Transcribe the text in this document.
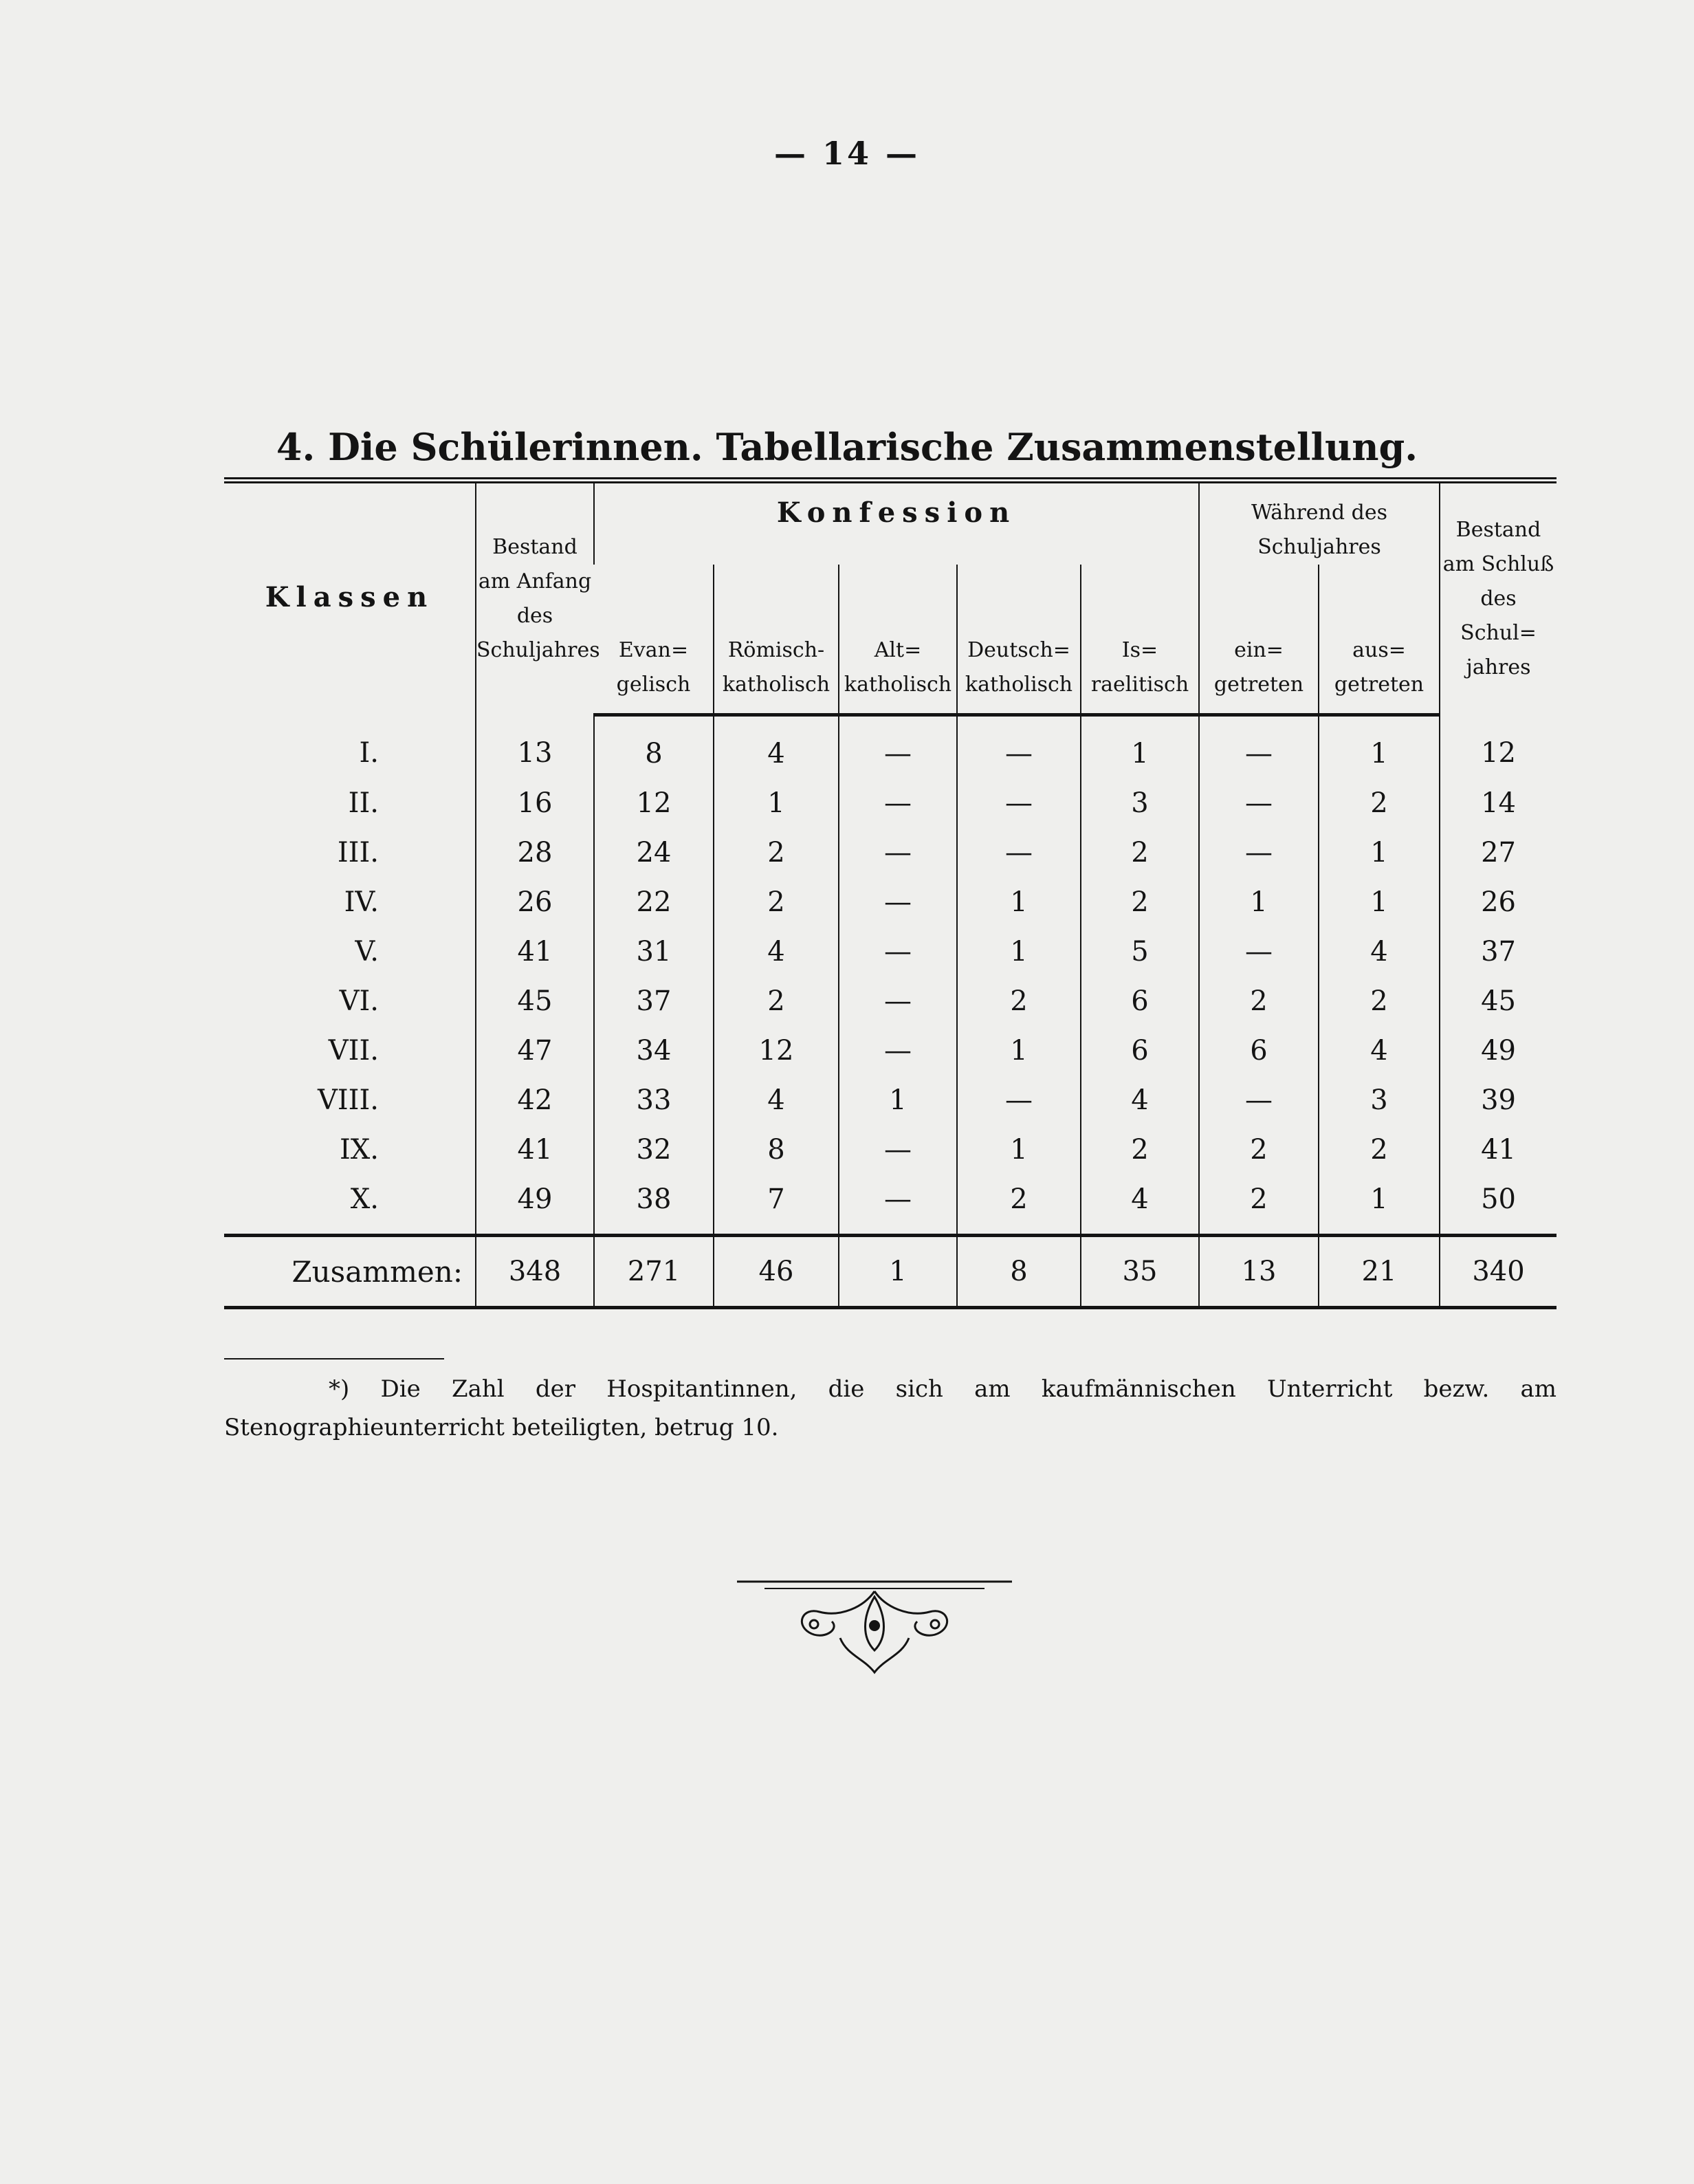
— 14 —
4. Die Schülerinnen. Tabellarische Zusammenstellung.
Klassen	Bestand am Anfang des Schuljahres	Konfession					Während des Schuljahres		Bestand am Schluß des Schul= jahres
		Evan= gelisch	Römisch- katholisch	Alt= katholisch	Deutsch= katholisch	Is= raelitisch	ein= getreten	aus= getreten	
I.	13	8	4	—	—	1	—	1	12
II.	16	12	1	—	—	3	—	2	14
III.	28	24	2	—	—	2	—	1	27
IV.	26	22	2	—	1	2	1	1	26
V.	41	31	4	—	1	5	—	4	37
VI.	45	37	2	—	2	6	2	2	45
VII.	47	34	12	—	1	6	6	4	49
VIII.	42	33	4	1	—	4	—	3	39
IX.	41	32	8	—	1	2	2	2	41
X.	49	38	7	—	2	4	2	1	50
Zusammen:	348	271	46	1	8	35	13	21	340

*) Die Zahl der Hospitantinnen, die sich am kaufmännischen Unterricht bezw. am Stenographieunterricht beteiligten, betrug 10.
